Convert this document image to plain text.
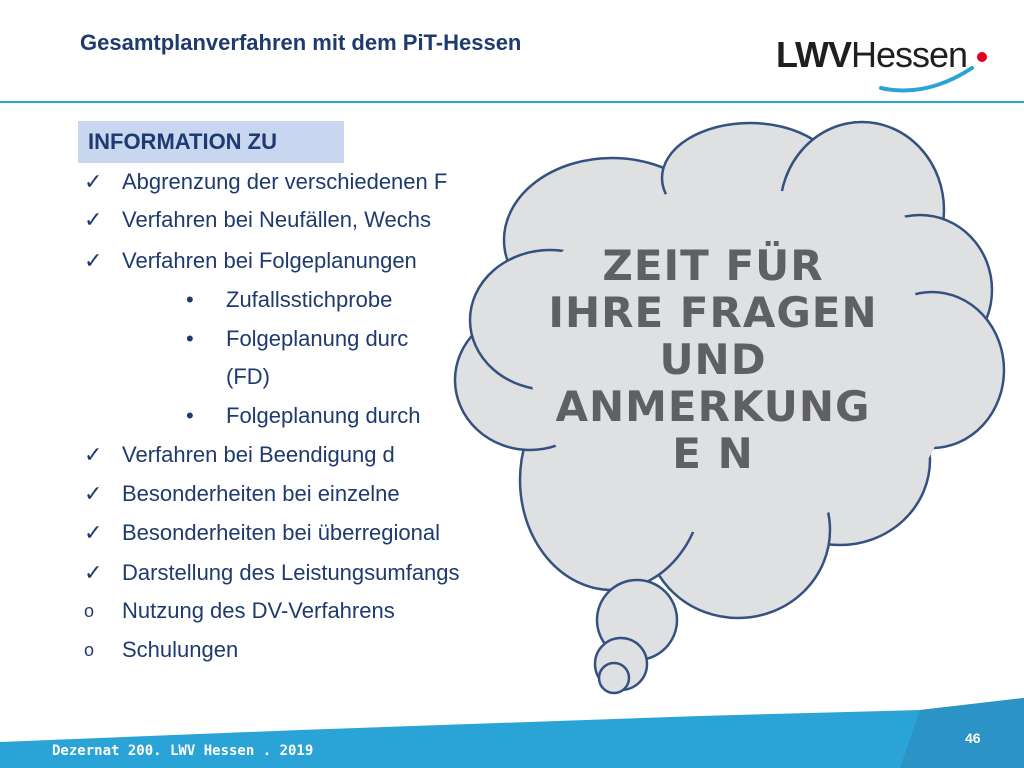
Gesamtplanverfahren mit dem PiT-Hessen	LWVHessen
INFORMATION ZU
✓ Abgrenzung der verschiedenen F
✓ Verfahren bei Neufällen, Wechs
✓ Verfahren bei Folgeplanungen
• Zufallsstichprobe
• Folgeplanung durc
(FD)
• Folgeplanung durch
✓ Verfahren bei Beendigung d
✓ Besonderheiten bei einzelne
✓ Besonderheiten bei überregional
✓ Darstellung des Leistungsumfangs
o Nutzung des DV-Verfahrens
o Schulungen
ZEIT FÜR IHRE FRAGEN UND ANMERKUNGE N
Dezernat 200. LWV Hessen . 2019
46
